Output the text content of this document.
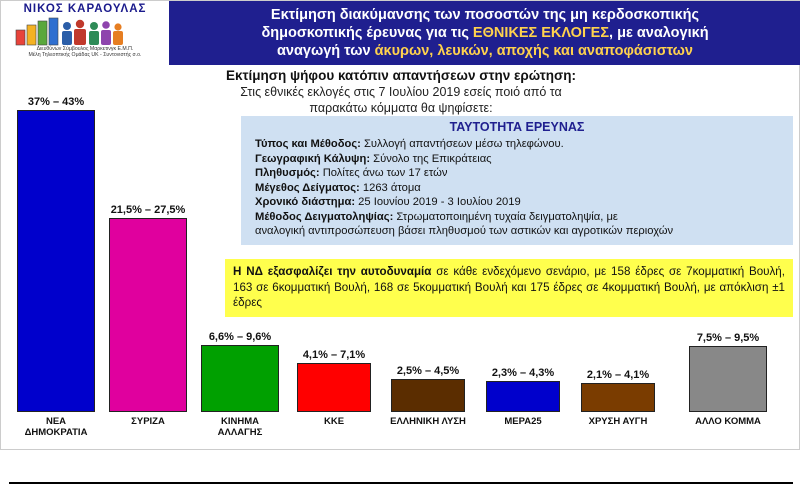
ΝΙΚΟΣ ΚΑΡΑΟΥΛΑΣ
Διευθύνων Σύμβουλος Μαρκετινγκ Ε.Μ.Π.
Μέλη Τηλεοπτικής Ομάδας UK - Συντονιστής σ.ο.
Εκτίμηση διακύμανσης των ποσοστών της μη κερδοσκοπικής
δημοσκοπικής έρευνας για τις ΕΘΝΙΚΕΣ ΕΚΛΟΓΕΣ, με αναλογική
αναγωγή των άκυρων, λευκών, αποχής και αναποφάσιστων
Εκτίμηση ψήφου κατόπιν απαντήσεων στην ερώτηση:
Στις εθνικές εκλογές στις 7 Ιουλίου 2019 εσείς ποιό από τα
παρακάτω κόμματα θα ψηφίσετε:
37% – 43%
ΝΕΑ
ΔΗΜΟΚΡΑΤΙΑ
21,5% – 27,5%
ΣΥΡΙΖΑ
6,6% – 9,6%
ΚΙΝΗΜΑ
ΑΛΛΑΓΗΣ
4,1% – 7,1%
ΚΚΕ
2,5% – 4,5%
ΕΛΛΗΝΙΚΗ ΛΥΣΗ
2,3% – 4,3%
ΜΕΡΑ25
2,1% – 4,1%
ΧΡΥΣΗ ΑΥΓΗ
7,5% – 9,5%
ΑΛΛΟ ΚΟΜΜΑ
ΤΑΥΤΟΤΗΤΑ ΕΡΕΥΝΑΣ
Τύπος και Μέθοδος: Συλλογή απαντήσεων μέσω τηλεφώνου.
Γεωγραφική Κάλυψη: Σύνολο της Επικράτειας
Πληθυσμός: Πολίτες άνω των 17 ετών
Μέγεθος Δείγματος: 1263 άτομα
Χρονικό διάστημα: 25 Ιουνίου 2019 - 3 Ιουλίου 2019
Μέθοδος Δειγματοληψίας: Στρωματοποιημένη τυχαία δειγματοληψία, με
αναλογική αντιπροσώπευση βάσει πληθυσμού των αστικών και αγροτικών περιοχών
Η ΝΔ εξασφαλίζει την αυτοδυναμία σε κάθε ενδεχόμενο σενάριο, με 158 έδρες σε 7κομματική Βουλή, 163 σε 6κομματική Βουλή, 168 σε 5κομματική Βουλή και 175 έδρες σε 4κομματική Βουλή, με απόκλιση ±1 έδρες
